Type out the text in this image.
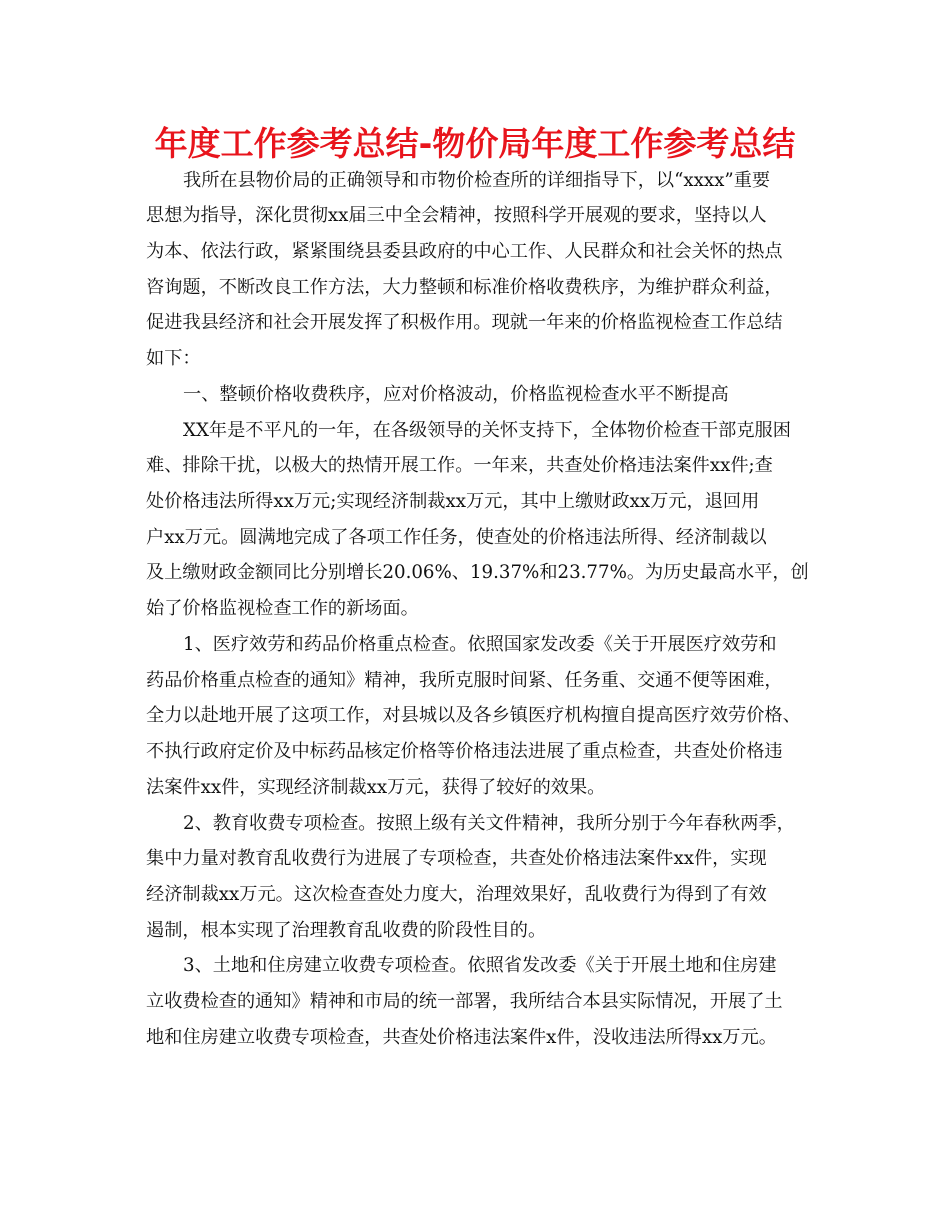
年度工作参考总结-物价局年度工作参考总结
我所在县物价局的正确领导和市物价检查所的详细指导下，以“xxxx”重要
思想为指导，深化贯彻xx届三中全会精神，按照科学开展观的要求，坚持以人
为本、依法行政，紧紧围绕县委县政府的中心工作、人民群众和社会关怀的热点
咨询题，不断改良工作方法，大力整顿和标准价格收费秩序，为维护群众利益，
促进我县经济和社会开展发挥了积极作用。现就一年来的价格监视检查工作总结
如下：
一、整顿价格收费秩序，应对价格波动，价格监视检查水平不断提高
XX年是不平凡的一年，在各级领导的关怀支持下，全体物价检查干部克服困
难、排除干扰，以极大的热情开展工作。一年来，共查处价格违法案件xx件;查
处价格违法所得xx万元;实现经济制裁xx万元，其中上缴财政xx万元，退回用
户xx万元。圆满地完成了各项工作任务，使查处的价格违法所得、经济制裁以
及上缴财政金额同比分别增长20.06%、19.37%和23.77%。为历史最高水平，创
始了价格监视检查工作的新场面。
1、医疗效劳和药品价格重点检查。依照国家发改委《关于开展医疗效劳和
药品价格重点检查的通知》精神，我所克服时间紧、任务重、交通不便等困难，
全力以赴地开展了这项工作，对县城以及各乡镇医疗机构擅自提高医疗效劳价格、
不执行政府定价及中标药品核定价格等价格违法进展了重点检查，共查处价格违
法案件xx件，实现经济制裁xx万元，获得了较好的效果。
2、教育收费专项检查。按照上级有关文件精神，我所分别于今年春秋两季，
集中力量对教育乱收费行为进展了专项检查，共查处价格违法案件xx件，实现
经济制裁xx万元。这次检查查处力度大，治理效果好，乱收费行为得到了有效
遏制，根本实现了治理教育乱收费的阶段性目的。
3、土地和住房建立收费专项检查。依照省发改委《关于开展土地和住房建
立收费检查的通知》精神和市局的统一部署，我所结合本县实际情况，开展了土
地和住房建立收费专项检查，共查处价格违法案件x件，没收违法所得xx万元。
